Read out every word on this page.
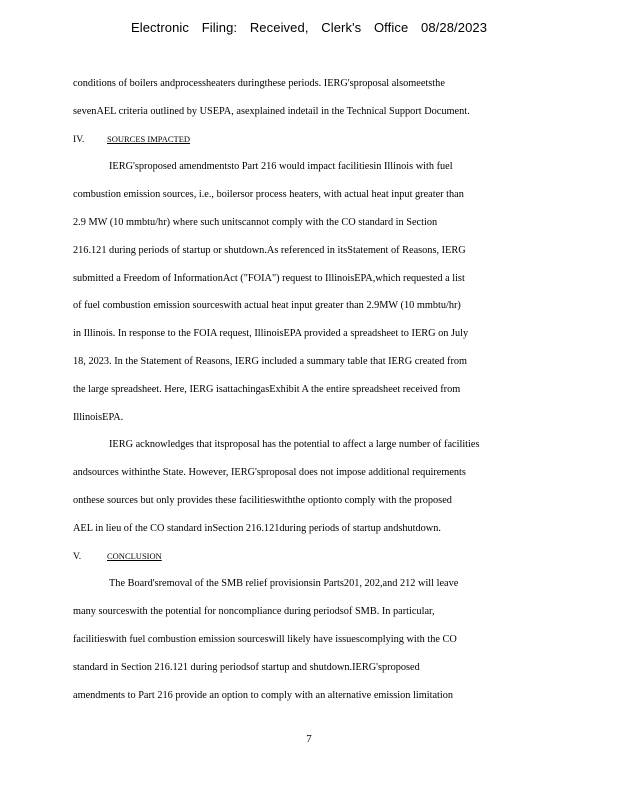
Electronic Filing: Received, Clerk's Office 08/28/2023
conditions of boilers andprocessheaters duringthese periods. IERG'sproposal alsomeetsthe
sevenAEL criteria outlined by USEPA, asexplained indetail in the Technical Support Document.
IV.	SOURCES IMPACTED
IERG'sproposed amendmentsto Part 216 would impact facilitiesin Illinois with fuel
combustion emission sources, i.e., boilersor process heaters, with actual heat input greater than
2.9 MW (10 mmbtu/hr) where such unitscannot comply with the CO standard in Section
216.121 during periods of startup or shutdown.As referenced in itsStatement of Reasons, IERG
submitted a Freedom of InformationAct ("FOIA") request to IllinoisEPA,which requested a list
of fuel combustion emission sourceswith actual heat input greater than 2.9MW (10 mmbtu/hr)
in Illinois. In response to the FOIA request, IllinoisEPA provided a spreadsheet to IERG on July
18, 2023. In the Statement of Reasons, IERG included a summary table that IERG created from
the large spreadsheet. Here, IERG isattachingasExhibit A the entire spreadsheet received from
IllinoisEPA.
IERG acknowledges that itsproposal has the potential to affect a large number of facilities
andsources withinthe State. However, IERG'sproposal does not impose additional requirements
onthese sources but only provides these facilitieswiththe optionto comply with the proposed
AEL in lieu of the CO standard inSection 216.121during periods of startup andshutdown.
V.	CONCLUSION
The Board'sremoval of the SMB relief provisionsin Parts201, 202,and 212 will leave
many sourceswith the potential for noncompliance during periodsof SMB. In particular,
facilitieswith fuel combustion emission sourceswill likely have issuescomplying with the CO
standard in Section 216.121 during periodsof startup and shutdown.IERG'sproposed
amendments to Part 216 provide an option to comply with an alternative emission limitation
7
